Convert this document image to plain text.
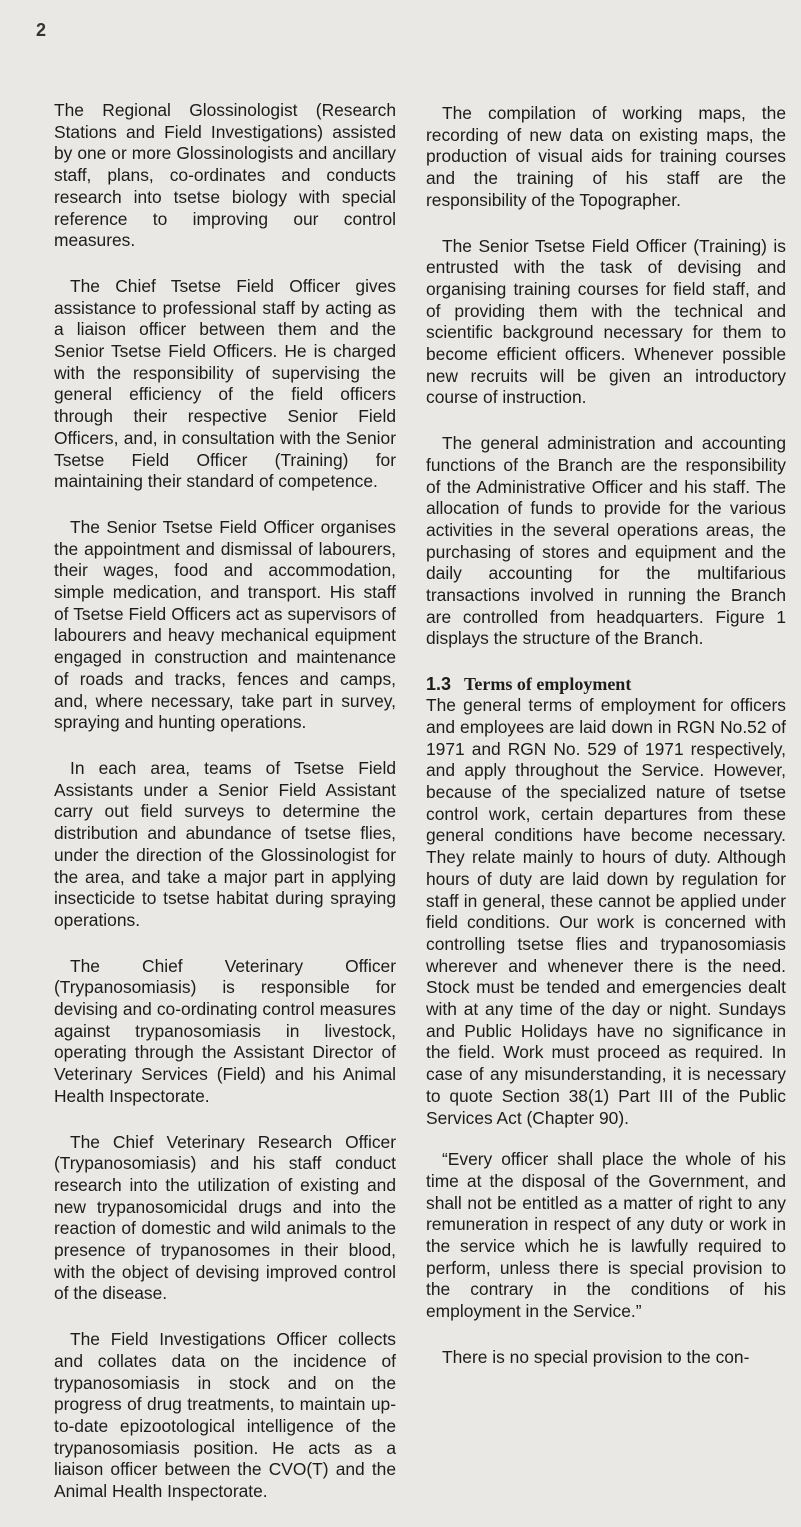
2

The Regional Glossinologist (Research Stations and Field Investigations) assisted by one or more Glossinologists and ancillary staff, plans, co-ordinates and conducts research into tsetse biology with special reference to improving our control measures.

The Chief Tsetse Field Officer gives assistance to professional staff by acting as a liaison officer between them and the Senior Tsetse Field Officers. He is charged with the responsibility of supervising the general efficiency of the field officers through their respective Senior Field Officers, and, in consultation with the Senior Tsetse Field Officer (Training) for maintaining their standard of competence.

The Senior Tsetse Field Officer organises the appointment and dismissal of labourers, their wages, food and accommodation, simple medication, and transport. His staff of Tsetse Field Officers act as supervisors of labourers and heavy mechanical equipment engaged in construction and maintenance of roads and tracks, fences and camps, and, where necessary, take part in survey, spraying and hunting operations.

In each area, teams of Tsetse Field Assistants under a Senior Field Assistant carry out field surveys to determine the distribution and abundance of tsetse flies, under the direction of the Glossinologist for the area, and take a major part in applying insecticide to tsetse habitat during spraying operations.

The Chief Veterinary Officer (Trypanosomiasis) is responsible for devising and co-ordinating control measures against trypanosomiasis in livestock, operating through the Assistant Director of Veterinary Services (Field) and his Animal Health Inspectorate.

The Chief Veterinary Research Officer (Trypanosomiasis) and his staff conduct research into the utilization of existing and new trypanosomicidal drugs and into the reaction of domestic and wild animals to the presence of trypanosomes in their blood, with the object of devising improved control of the disease.

The Field Investigations Officer collects and collates data on the incidence of trypanosomiasis in stock and on the progress of drug treatments, to maintain up-to-date epizootological intelligence of the trypanosomiasis position. He acts as a liaison officer between the CVO(T) and the Animal Health Inspectorate.

The compilation of working maps, the recording of new data on existing maps, the production of visual aids for training courses and the training of his staff are the responsibility of the Topographer.

The Senior Tsetse Field Officer (Training) is entrusted with the task of devising and organising training courses for field staff, and of providing them with the technical and scientific background necessary for them to become efficient officers. Whenever possible new recruits will be given an introductory course of instruction.

The general administration and accounting functions of the Branch are the responsibility of the Administrative Officer and his staff. The allocation of funds to provide for the various activities in the several operations areas, the purchasing of stores and equipment and the daily accounting for the multifarious transactions involved in running the Branch are controlled from headquarters. Figure 1 displays the structure of the Branch.

1.3 Terms of employment

The general terms of employment for officers and employees are laid down in RGN No.52 of 1971 and RGN No. 529 of 1971 respectively, and apply throughout the Service. However, because of the specialized nature of tsetse control work, certain departures from these general conditions have become necessary. They relate mainly to hours of duty. Although hours of duty are laid down by regulation for staff in general, these cannot be applied under field conditions. Our work is concerned with controlling tsetse flies and trypanosomiasis wherever and whenever there is the need. Stock must be tended and emergencies dealt with at any time of the day or night. Sundays and Public Holidays have no significance in the field. Work must proceed as required. In case of any misunderstanding, it is necessary to quote Section 38(1) Part III of the Public Services Act (Chapter 90).

“Every officer shall place the whole of his time at the disposal of the Government, and shall not be entitled as a matter of right to any remuneration in respect of any duty or work in the service which he is lawfully required to perform, unless there is special provision to the contrary in the conditions of his employment in the Service.”

There is no special provision to the con-
